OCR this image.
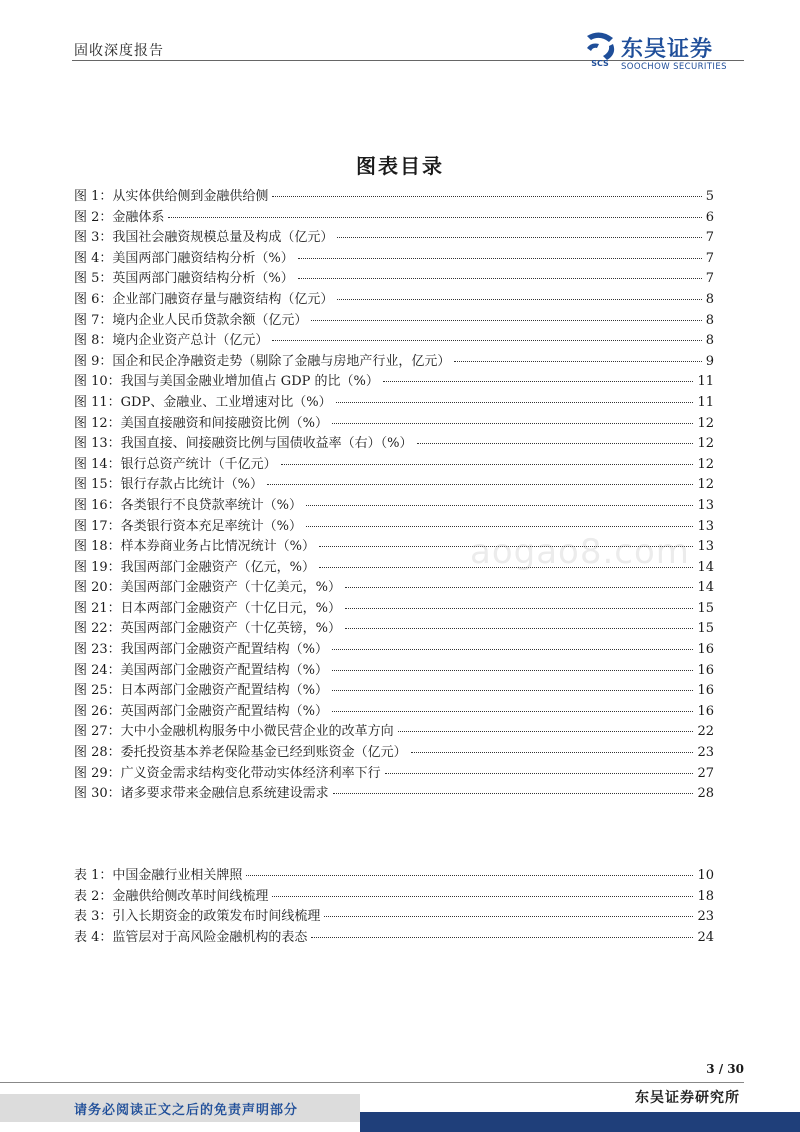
固收深度报告
SCS
东吴证券
SOOCHOW SECURITIES
图表目录
图 1：从实体供给侧到金融供给侧	5
图 2：金融体系	6
图 3：我国社会融资规模总量及构成（亿元）	7
图 4：美国两部门融资结构分析（%）	7
图 5：英国两部门融资结构分析（%）	7
图 6：企业部门融资存量与融资结构（亿元）	8
图 7：境内企业人民币贷款余额（亿元）	8
图 8：境内企业资产总计（亿元）	8
图 9：国企和民企净融资走势（剔除了金融与房地产行业，亿元）	9
图 10：我国与美国金融业增加值占 GDP 的比（%）	11
图 11：GDP、金融业、工业增速对比（%）	11
图 12：美国直接融资和间接融资比例（%）	12
图 13：我国直接、间接融资比例与国债收益率（右）（%）	12
图 14：银行总资产统计（千亿元）	12
图 15：银行存款占比统计（%）	12
图 16：各类银行不良贷款率统计（%）	13
图 17：各类银行资本充足率统计（%）	13
图 18：样本券商业务占比情况统计（%）	13
图 19：我国两部门金融资产（亿元，%）	14
图 20：美国两部门金融资产（十亿美元，%）	14
图 21：日本两部门金融资产（十亿日元，%）	15
图 22：英国两部门金融资产（十亿英镑，%）	15
图 23：我国两部门金融资产配置结构（%）	16
图 24：美国两部门金融资产配置结构（%）	16
图 25：日本两部门金融资产配置结构（%）	16
图 26：英国两部门金融资产配置结构（%）	16
图 27：大中小金融机构服务中小微民营企业的改革方向	22
图 28：委托投资基本养老保险基金已经到账资金（亿元）	23
图 29：广义资金需求结构变化带动实体经济利率下行	27
图 30：诸多要求带来金融信息系统建设需求	28
表 1：中国金融行业相关牌照	10
表 2：金融供给侧改革时间线梳理	18
表 3：引入长期资金的政策发布时间线梳理	23
表 4：监管层对于高风险金融机构的表态	24
aogao8.com
3 / 30
请务必阅读正文之后的免责声明部分
东吴证券研究所
